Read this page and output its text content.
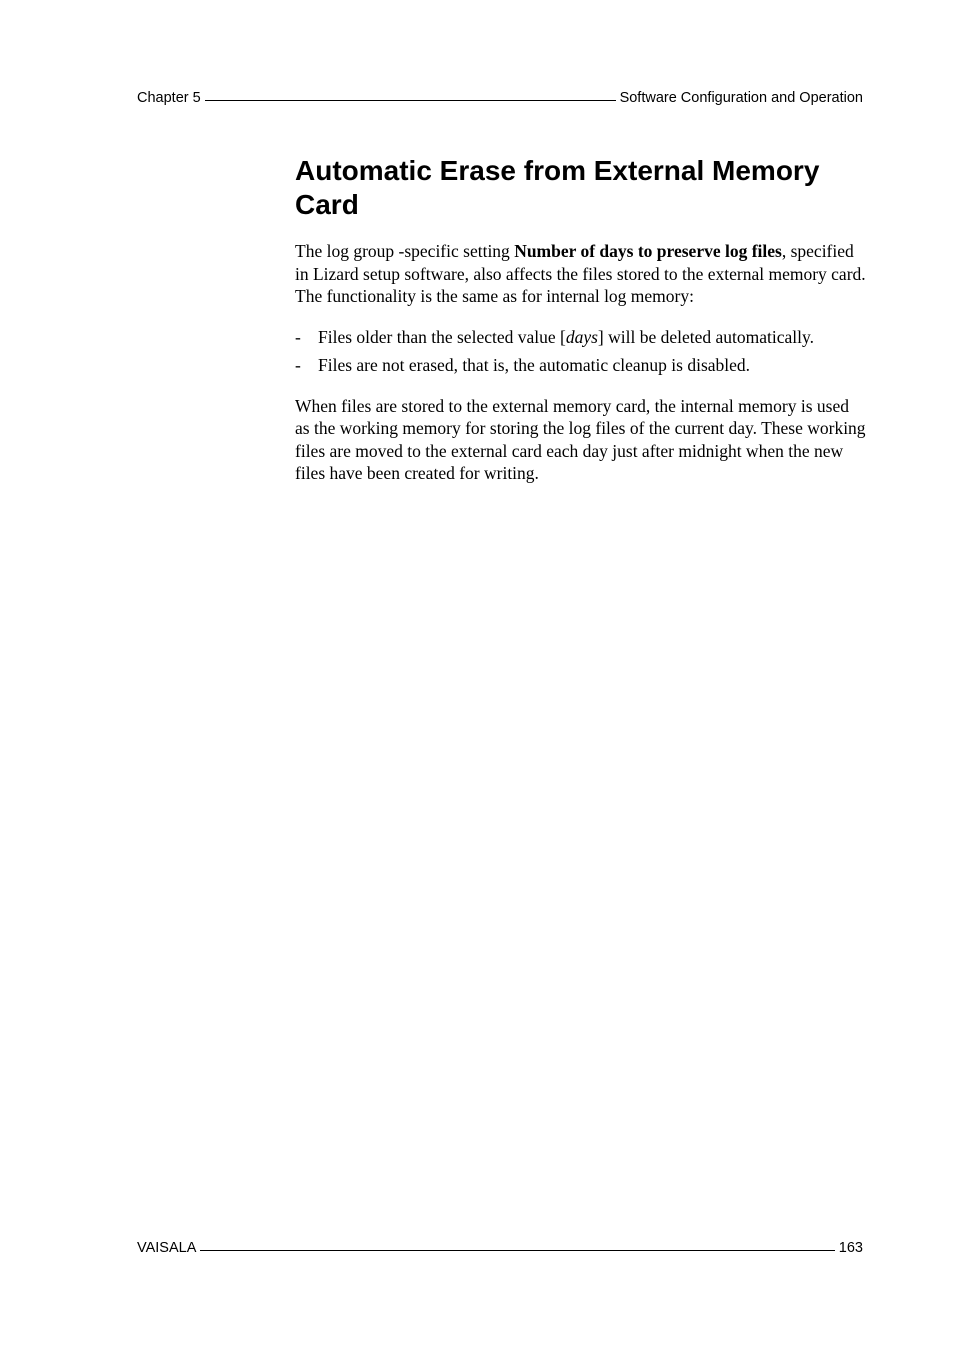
Chapter 5	Software Configuration and Operation
Automatic Erase from External Memory Card

The log group -specific setting Number of days to preserve log files, specified in Lizard setup software, also affects the files stored to the external memory card. The functionality is the same as for internal log memory:

- Files older than the selected value [days] will be deleted automatically.
- Files are not erased, that is, the automatic cleanup is disabled.

When files are stored to the external memory card, the internal memory is used as the working memory for storing the log files of the current day. These working files are moved to the external card each day just after midnight when the new files have been created for writing.

VAISALA	163
